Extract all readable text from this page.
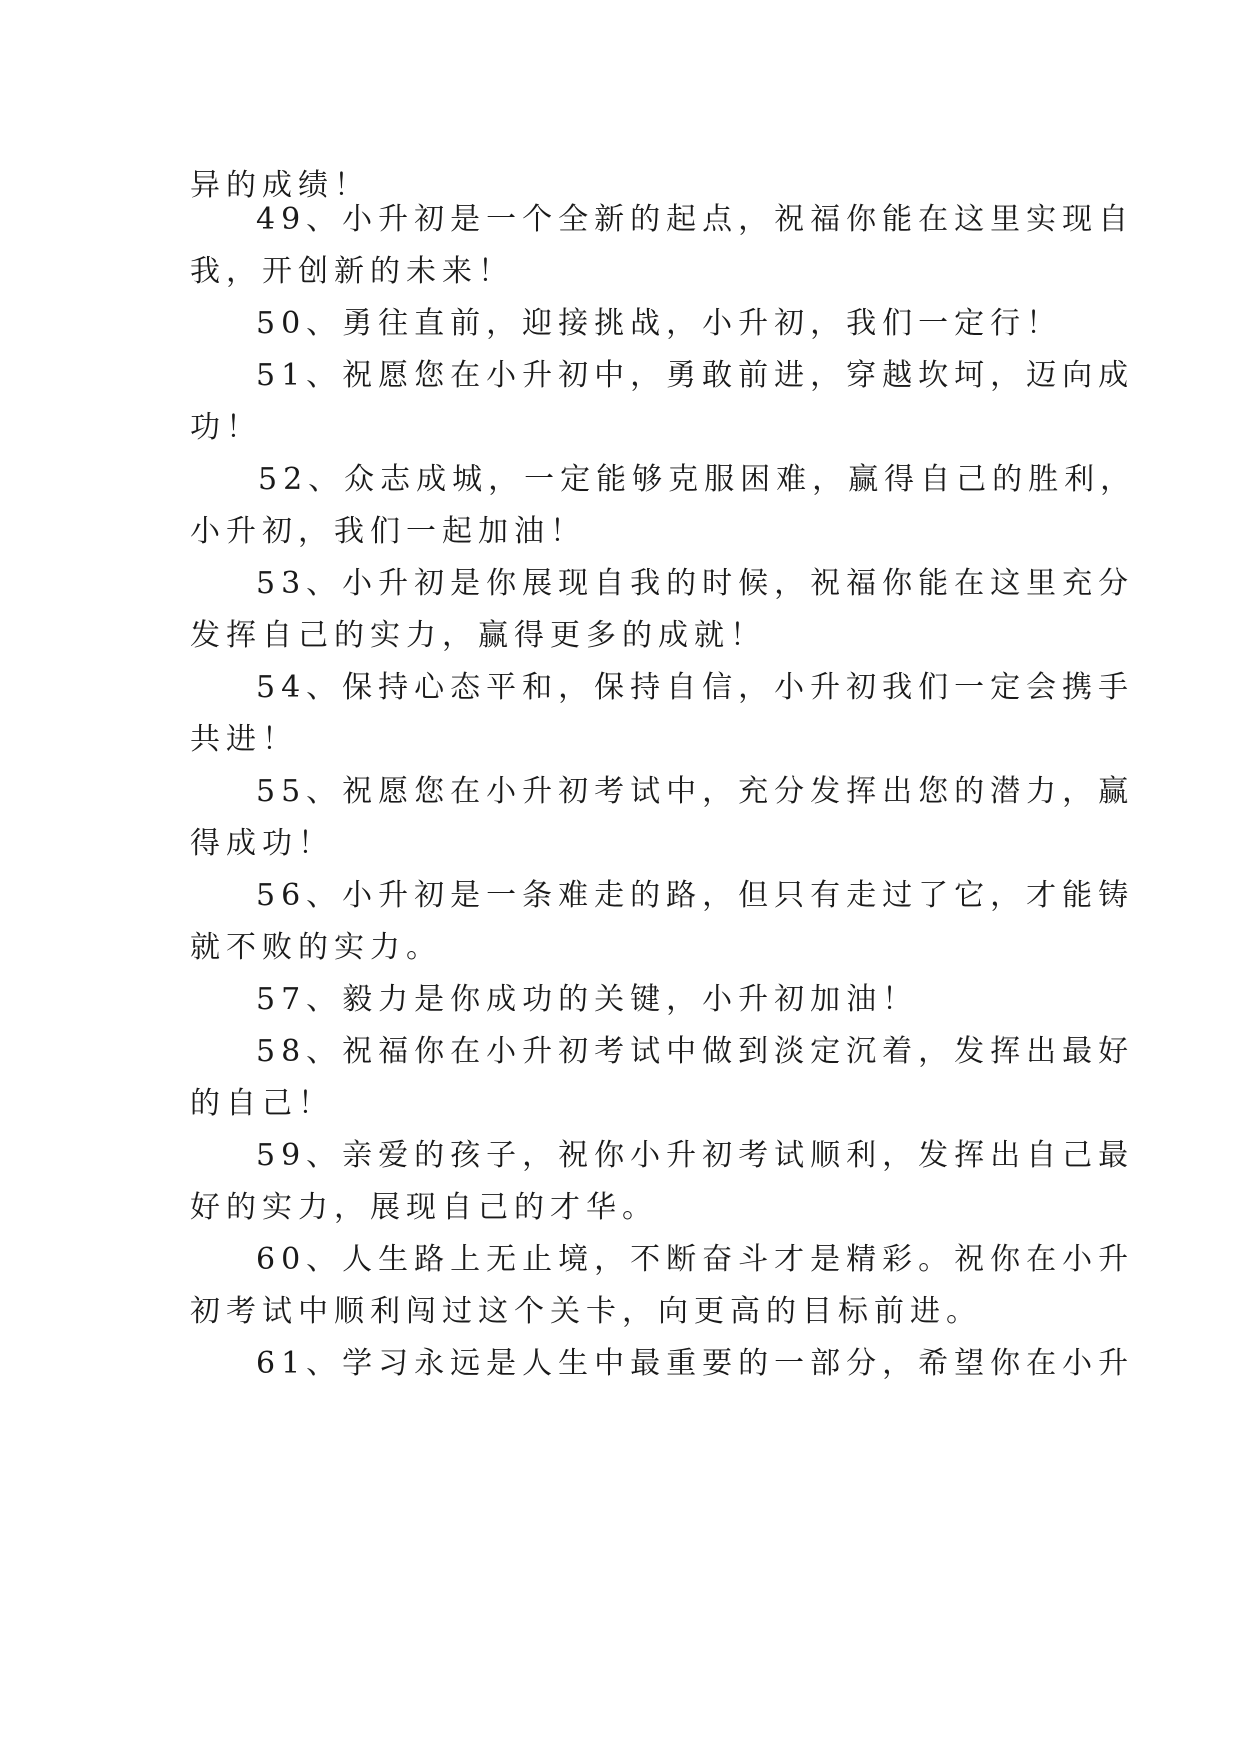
异的成绩！
49、小升初是一个全新的起点，祝福你能在这里实现自
我，开创新的未来！
50、勇往直前，迎接挑战，小升初，我们一定行！
51、祝愿您在小升初中，勇敢前进，穿越坎坷，迈向成
功！
52、众志成城，一定能够克服困难，赢得自己的胜利，
小升初，我们一起加油！
53、小升初是你展现自我的时候，祝福你能在这里充分
发挥自己的实力，赢得更多的成就！
54、保持心态平和，保持自信，小升初我们一定会携手
共进！
55、祝愿您在小升初考试中，充分发挥出您的潜力，赢
得成功！
56、小升初是一条难走的路，但只有走过了它，才能铸
就不败的实力。
57、毅力是你成功的关键，小升初加油！
58、祝福你在小升初考试中做到淡定沉着，发挥出最好
的自己！
59、亲爱的孩子，祝你小升初考试顺利，发挥出自己最
好的实力，展现自己的才华。
60、人生路上无止境，不断奋斗才是精彩。祝你在小升
初考试中顺利闯过这个关卡，向更高的目标前进。
61、学习永远是人生中最重要的一部分，希望你在小升
